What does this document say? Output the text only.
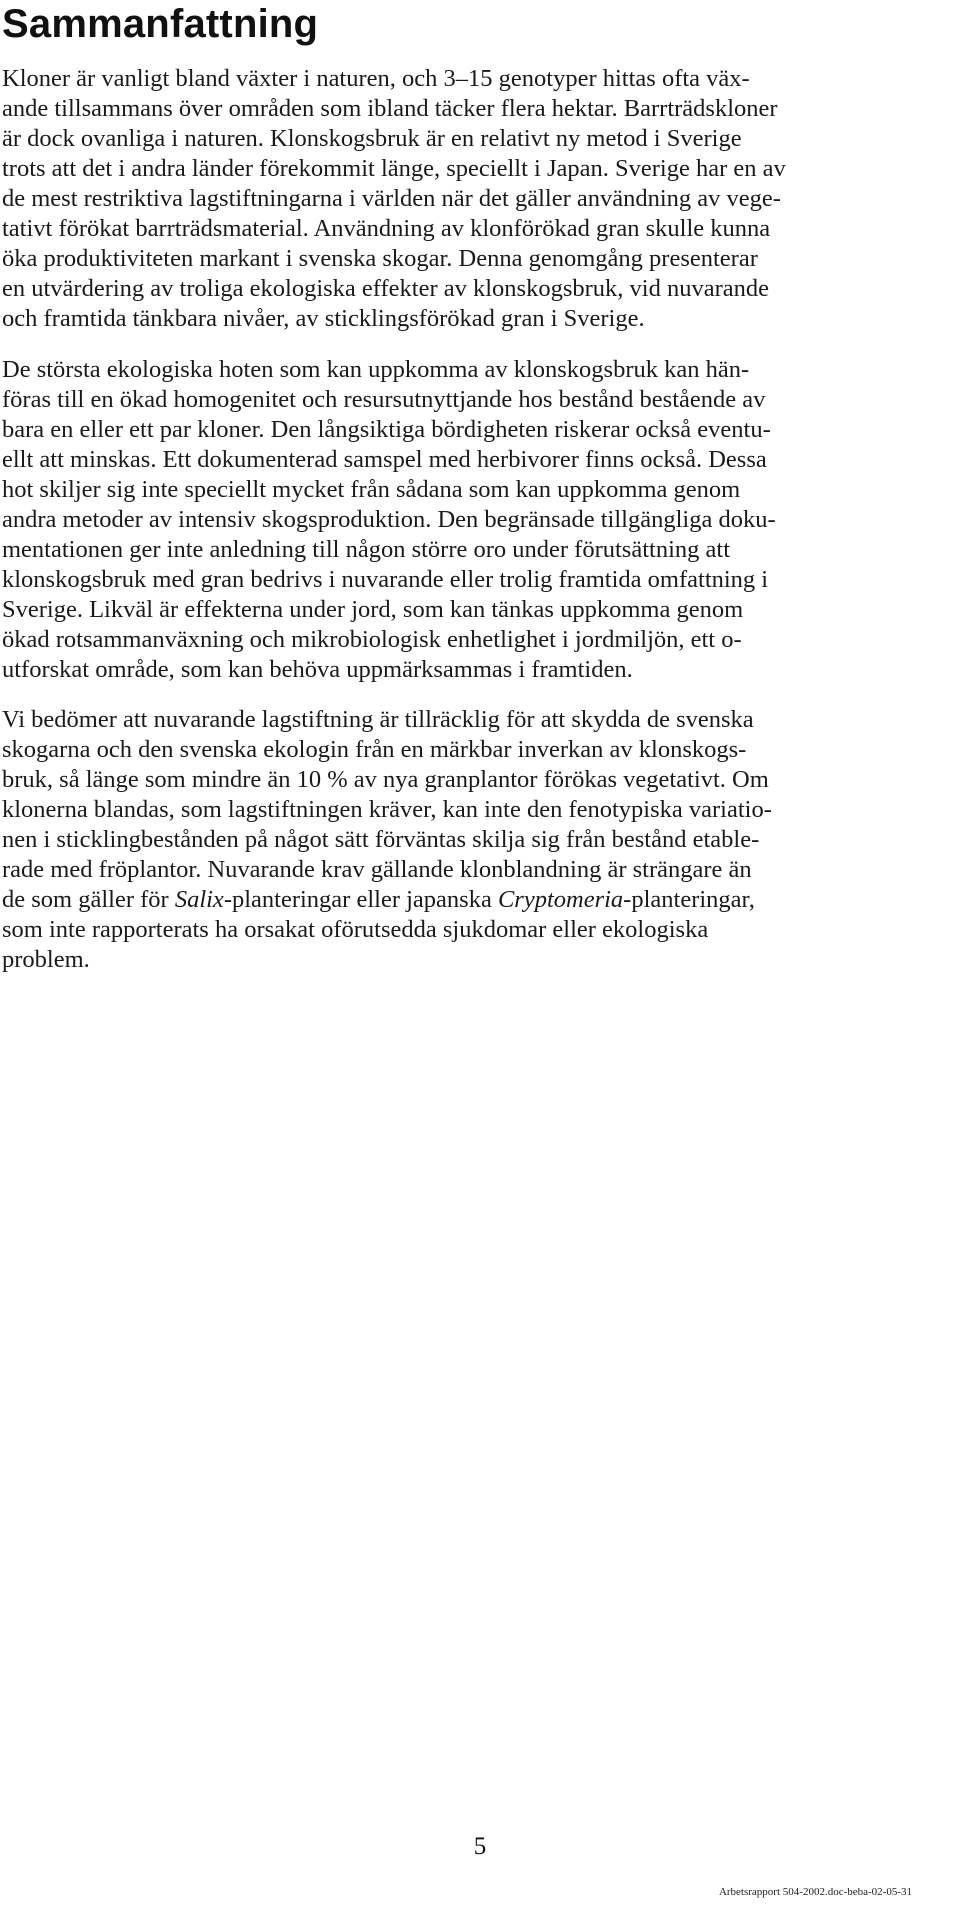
Sammanfattning

Kloner är vanligt bland växter i naturen, och 3–15 genotyper hittas ofta väx-
ande tillsammans över områden som ibland täcker flera hektar. Barrträdskloner
är dock ovanliga i naturen. Klonskogsbruk är en relativt ny metod i Sverige
trots att det i andra länder förekommit länge, speciellt i Japan. Sverige har en av
de mest restriktiva lagstiftningarna i världen när det gäller användning av vege-
tativt förökat barrträdsmaterial. Användning av klonförökad gran skulle kunna
öka produktiviteten markant i svenska skogar. Denna genomgång presenterar
en utvärdering av troliga ekologiska effekter av klonskogsbruk, vid nuvarande
och framtida tänkbara nivåer, av sticklingsförökad gran i Sverige.

De största ekologiska hoten som kan uppkomma av klonskogsbruk kan hän-
föras till en ökad homogenitet och resursutnyttjande hos bestånd bestående av
bara en eller ett par kloner. Den långsiktiga bördigheten riskerar också eventu-
ellt att minskas. Ett dokumenterad samspel med herbivorer finns också. Dessa
hot skiljer sig inte speciellt mycket från sådana som kan uppkomma genom
andra metoder av intensiv skogsproduktion. Den begränsade tillgängliga doku-
mentationen ger inte anledning till någon större oro under förutsättning att
klonskogsbruk med gran bedrivs i nuvarande eller trolig framtida omfattning i
Sverige. Likväl är effekterna under jord, som kan tänkas uppkomma genom
ökad rotsammanväxning och mikrobiologisk enhetlighet i jordmiljön, ett o-
utforskat område, som kan behöva uppmärksammas i framtiden.

Vi bedömer att nuvarande lagstiftning är tillräcklig för att skydda de svenska
skogarna och den svenska ekologin från en märkbar inverkan av klonskogs-
bruk, så länge som mindre än 10 % av nya granplantor förökas vegetativt. Om
klonerna blandas, som lagstiftningen kräver, kan inte den fenotypiska variatio-
nen i sticklingbestånden på något sätt förväntas skilja sig från bestånd etable-
rade med fröplantor. Nuvarande krav gällande klonblandning är strängare än
de som gäller för Salix-planteringar eller japanska Cryptomeria-planteringar,
som inte rapporterats ha orsakat oförutsedda sjukdomar eller ekologiska
problem.

5
Arbetsrapport 504-2002.doc-beba-02-05-31
